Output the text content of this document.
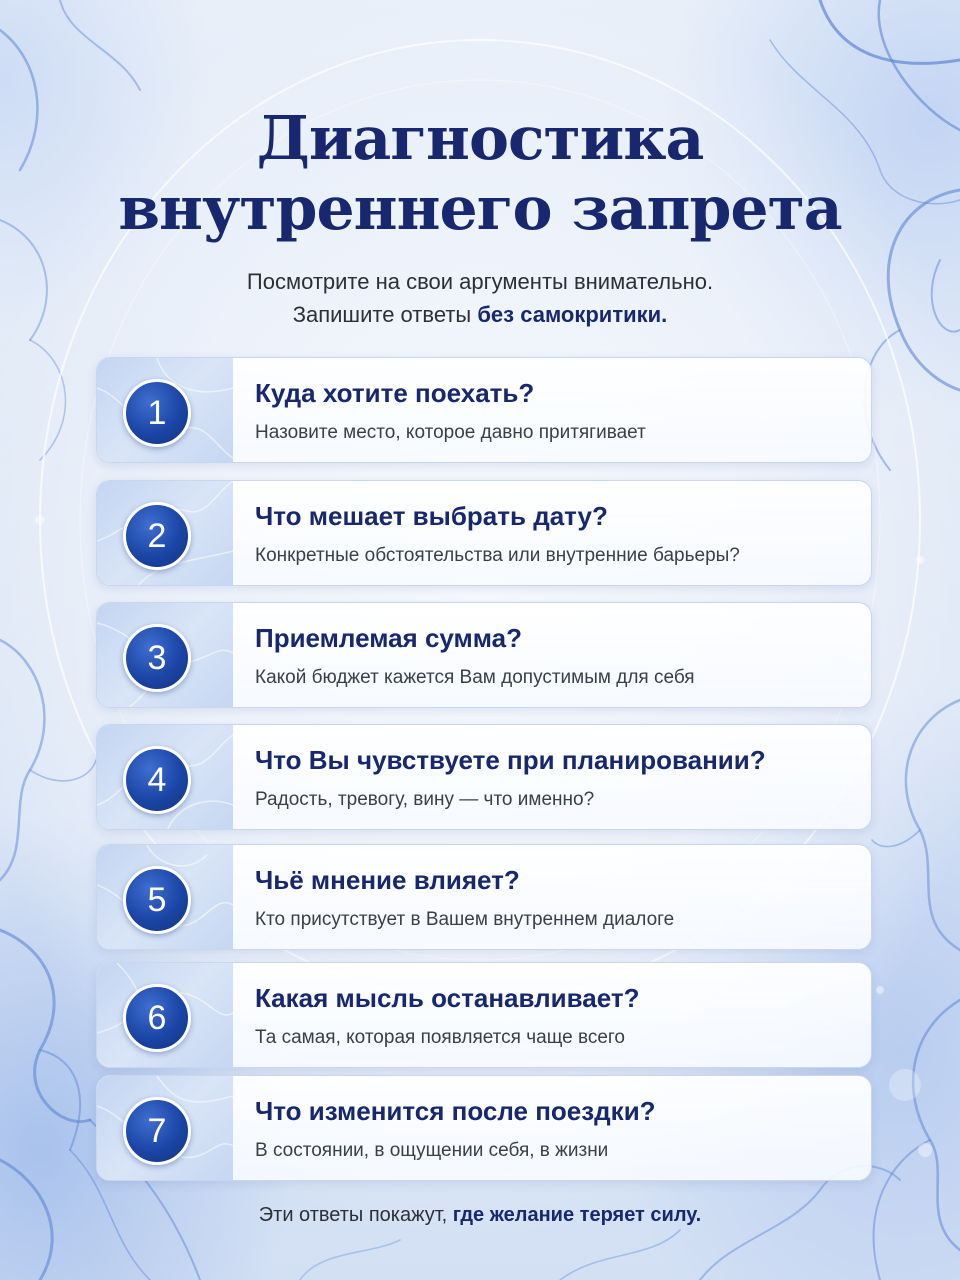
Диагностика
внутреннего запрета
Посмотрите на свои аргументы внимательно.
Запишите ответы без самокритики.
1
Куда хотите поехать?
Назовите место, которое давно притягивает
2
Что мешает выбрать дату?
Конкретные обстоятельства или внутренние барьеры?
3
Приемлемая сумма?
Какой бюджет кажется Вам допустимым для себя
4
Что Вы чувствуете при планировании?
Радость, тревогу, вину — что именно?
5
Чьё мнение влияет?
Кто присутствует в Вашем внутреннем диалоге
6
Какая мысль останавливает?
Та самая, которая появляется чаще всего
7
Что изменится после поездки?
В состоянии, в ощущении себя, в жизни
Эти ответы покажут, где желание теряет силу.
